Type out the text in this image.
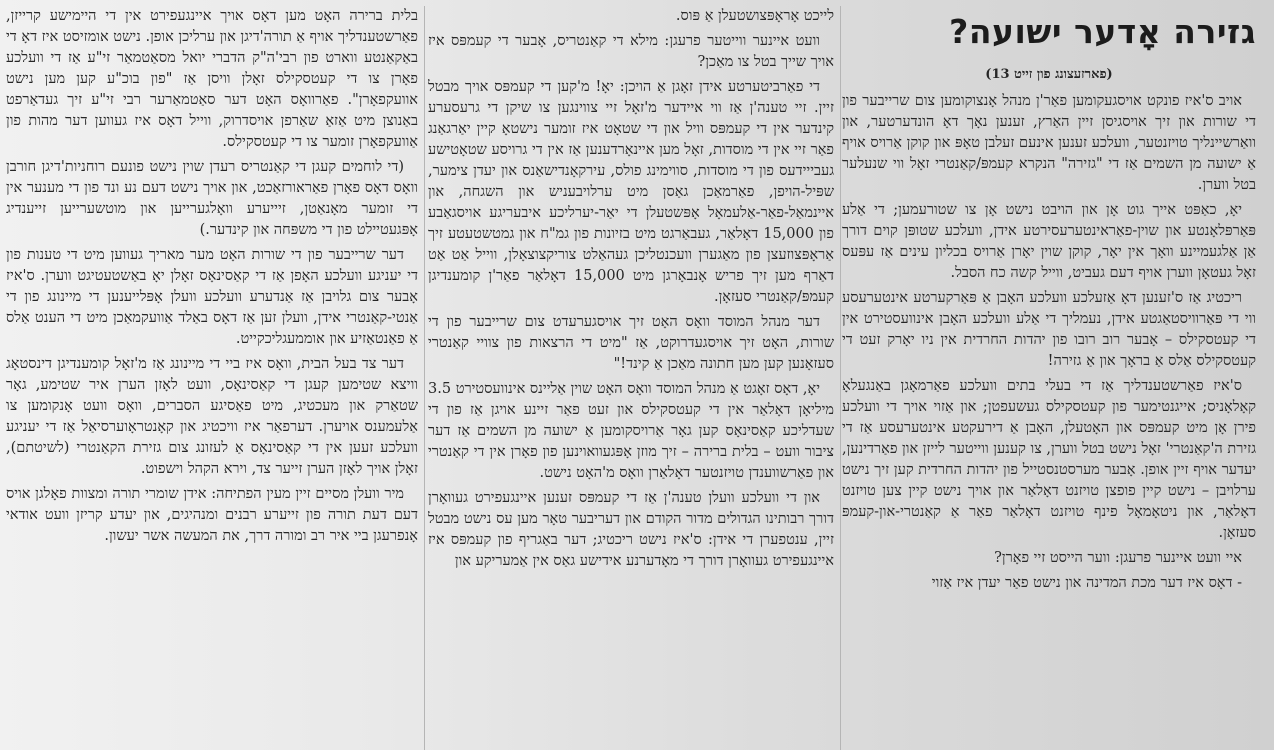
גזירה אָדער ישועה?
(פארזעצונג פון זייט 13)

אויב ס'איז פונקט אויסגעקומען פאַר'ן מנהל אָנצוקומען צום שרייבער פון די שורות און זיך אויסגיסן זיין האַרץ, זענען נאָך דאָ הונדערטער, און וואַרשיינליך טויזנטער, וועלכע זענען אינעם זעלבן טאָפּ און קוקן אַרויס אויף אַ ישועה מן השמים אַז די "גזירה" הנקרא קעמפּ/קאַנטרי זאָל ווי שנעלער בטל ווערן.

יאָ, כאַפּט אייך גוט אָן און הויבט נישט אָן צו שטורעמען; די אַלע פּאַרפּלאָנטע און שוין-פאַראינטערעסירטע אידן, וועלכע שטופּן קוים דורך אַן אַלגעמיינע וואָך אין יאָר, קוקן שוין יאָרן אַרויס בכליון עינים אַז עפּעס זאָל געטאָן ווערן אויף דעם געביט, ווייל קשה כח הסבל.

ריכטיג אַז ס'זענען דאָ אַזעלכע וועלכע האָבן אַ פּאַרקערטע אינטערעסע ווי די פּאַרוויסטאַגטע אידן, נעמליך די אַלע וועלכע האָבן אינוועסטירט אין די קעטסקילס – אָבער רוב רובו פון יהדות החרדית אין ניו יאָרק זעט די קעטסקילס אַלס אַ בראָך און אַ גזירה!

ס'איז פאַרשטענדליך אַז די בעלי בתים וועלכע פאַרמאָגן באַנגעלאָ קאָלאָניס; אייגנטימער פון קעטסקילס געשעפטן; און אַזוי אויך די וועלכע פירן אָן מיט קעמפּס און האָטעלן, האָבן אַ דירעקטע אינטערעסע אַז די גזירת ה'קאַנטרי' זאָל נישט בטל ווערן, צו קענען ווייטער לייזן און פאַרדינען, יעדער אויף זיין אופן. אָבער מערסטנסטייל פון יהדות החרדית קען זיך נישט ערלויבן – נישט קיין פופצן טויזנט דאָלאַר און אויך נישט קיין צען טויזנט דאָלאַר, און ניטאָמאָל פינף טויזנט דאָלאַר פאַר אַ קאַנטרי-און-קעמפּ סעזאָן.

איי וועט איינער פרעגן: ווער הייסט זיי פאָרן?

- דאָס איז דער מכת המדינה און נישט פאַר יעדן איז אַזוי

לייכט אָראָפּצושטעלן אַ פּוס.

וועט איינער ווייטער פרעגן: מילא די קאַנטריס, אָבער די קעמפּס איז אויך שייך בטל צו מאַכן?

די פאַרביטערטע אידן זאָגן אַ הויכן: יאָ! מ'קען די קעמפּס אויך מבטל זיין. זיי טענה'ן אַז ווי איידער מ'זאָל זיי צווינגען צו שיקן די גרעסערע קינדער אין די קעמפּס וויל און די שטאָט איז זומער נישטאָ קיין יאַרגאַנג פאַר זיי אין די מוסדות, זאָל מען איינאָרדענען אַז אין די גרויסע שטאָטישע געבייידעס פון די מוסדות, סווימינג פולס, עירקאָנדישאַנס און יעדן צימער, שפּיל-הויפן, פאַרמאַכן גאַסן מיט ערלויבעניש און השגחה, און איינמאַל-פאַר-אַלעמאָל אָפּשטעלן די יאַר-יערליכע איבעריגע אויסגאַבע פון 15,000 דאָלאַר, געבאַרגט מיט בזיונות פון גמ"ח און גמטשטעטע זיך אַראָפּצוזעצן פון מאַגערן וועכנטליכן געהאַלט צוריקצוצאָלן, ווייל אַט אַט דאַרף מען זיך פריש אָנבאָרגן מיט 15,000 דאָלאַר פאַר'ן קומענדיגן קעמפּ/קאַנטרי סעזאָן.

דער מנהל המוסד וואָס האָט זיך אויסגערעדט צום שרייבער פון די שורות, האָט זיך אויסגעדרוקט, אַז "מיט די הרצאות פון צוויי קאַנטרי סעזאָנען קען מען חתונה מאַכן אַ קינד!"

יאָ, דאָס זאָגט אַ מנהל המוסד וואָס האָט שוין אַליינס אינוועסטירט 3.5 מיליאָן דאָלאַר אין די קעטסקילס און זעט פאַר זיינע אויגן אַז פון די שעדליכע קאַסינאָס קען גאָר אַרויסקומען אַ ישועה מן השמים אַז דער ציבור וועט – בלית ברירה – זיך מוזן אָפּגעוואוינען פון פאָרן אין די קאַנטרי און פאַרשווענדן טויזנטער דאָלאַרן וואָס מ'האָט נישט.

און די וועלכע וועלן טענה'ן אַז די קעמפּס זענען איינגעפירט געוואָרן דורך רבותינו הגדולים מדור הקודם און דעריבער טאָר מען עס נישט מבטל זיין, ענטפערן די אידן: ס'איז נישט ריכטיג; דער באַגריף פון קעמפּס איז איינגעפירט געוואָרן דורך די מאָדערנע אידישע גאַס אין אַמעריקע און

בלית ברירה האָט מען דאָס אויך איינגעפירט אין די היימישע קרייזן, פאַרשטענדליך אויף אַ תורה'דיגן און ערליכן אופן. נישט אומזיסט איז דאָ די באַקאַנטע ווארט פון רבי'ה"ק הדברי יואל מסאַטמאַר זי"ע אַז די וועלכע פאָרן צו די קעטסקילס זאָלן וויסן אַז "פון בוכ"ע קען מען נישט אוועקפאָרן". פאַרוואָס האָט דער סאַטמאַרער רבי זי"ע זיך געדאַרפט באַנוצן מיט אַזאַ שאַרפן אויסדרוק, ווייל דאָס איז געווען דער מהות פון אַוועקפאָרן זומער צו די קעטסקילס.

(די לוחמים קעגן די קאַנטריס רעדן שוין נישט פונעם רוחניות'דיגן חורבן וואָס דאָס פאָרן פאַראורזאַכט, און אויך נישט דעם נע ונד פון די מענער אין די זומער מאָנאַטן, זיייערע וואָלגערייען און מוטשערייען זייענדיג אָפּגעטיילט פון די משפּחה און קינדער.)

דער שרייבער פון די שורות האָט מער מאריך געווען מיט די טענות פון די יעניגע וועלכע האָפן אַז די קאַסינאָס זאָלן יאָ באַשטעטיגט ווערן. ס'איז אָבער צום גלויבן אַז אַנדערע וועלכע וועלן אָפּלייענען די מיינונג פון די אַנטי-קאַנטרי אידן, וועלן זען אַז דאָס באַלד אַוועקמאַכן מיט די הענט אַלס אַ פאַנטאַזיע און אוממעגליכקייט.

דער צד בעל הבית, וואָס איז ביי די מיינונג אַז מ'זאָל קומענדיגן דינסטאָג וויצא שטימען קעגן די קאַסינאָס, וועט לאָזן הערן איר שטימע, גאָר שטאַרק און מעכטיג, מיט פאַסיגע הסברים, וואָס וועט אָנקומען צו אַלעמענס אויערן. דערפאַר איז וויכטיג און קאָנטראָוערסיאַל אַז די יעניגע וועלכע זעען אין די קאַסינאָס אַ לעזונג צום גזירת הקאַנטרי (לשיטתם), זאָלן אויך לאָזן הערן זייער צד, וירא הקהל וישפוט.

מיר וועלן מסיים זיין מעין הפתיחה: אידן שומרי תורה ומצוות פאָלגן אויס דעם דעת תורה פון זייערע רבנים ומנהיגים, און יעדע קריזן וועט אודאי אָנפרעגן ביי איר רב ומורה דרך, את המעשה אשר יעשון.
